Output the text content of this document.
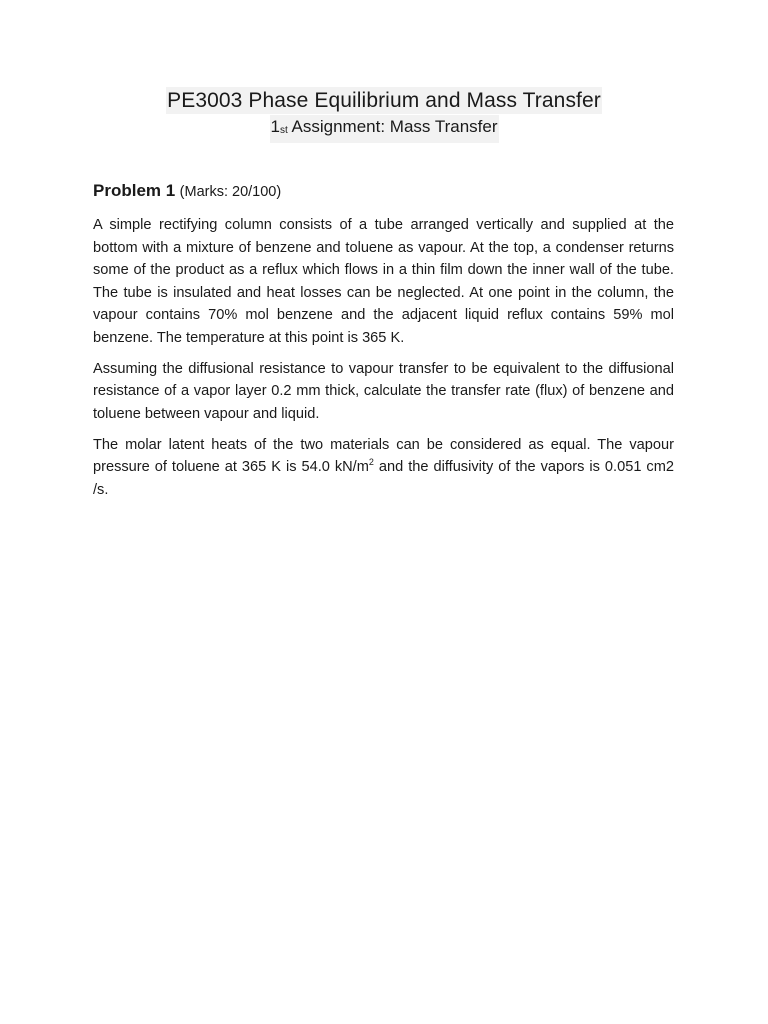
PE3003 Phase Equilibrium and Mass Transfer
1st Assignment: Mass Transfer
Problem 1 (Marks: 20/100)

A simple rectifying column consists of a tube arranged vertically and supplied at the bottom with a mixture of benzene and toluene as vapour. At the top, a condenser returns some of the product as a reflux which flows in a thin film down the inner wall of the tube. The tube is insulated and heat losses can be neglected. At one point in the column, the vapour contains 70% mol benzene and the adjacent liquid reflux contains 59% mol benzene. The temperature at this point is 365 K.

Assuming the diffusional resistance to vapour transfer to be equivalent to the diffusional resistance of a vapor layer 0.2 mm thick, calculate the transfer rate (flux) of benzene and toluene between vapour and liquid.

The molar latent heats of the two materials can be considered as equal. The vapour pressure of toluene at 365 K is 54.0 $kN/m^2$ and the diffusivity of the vapors is 0.051 cm2 /s.
